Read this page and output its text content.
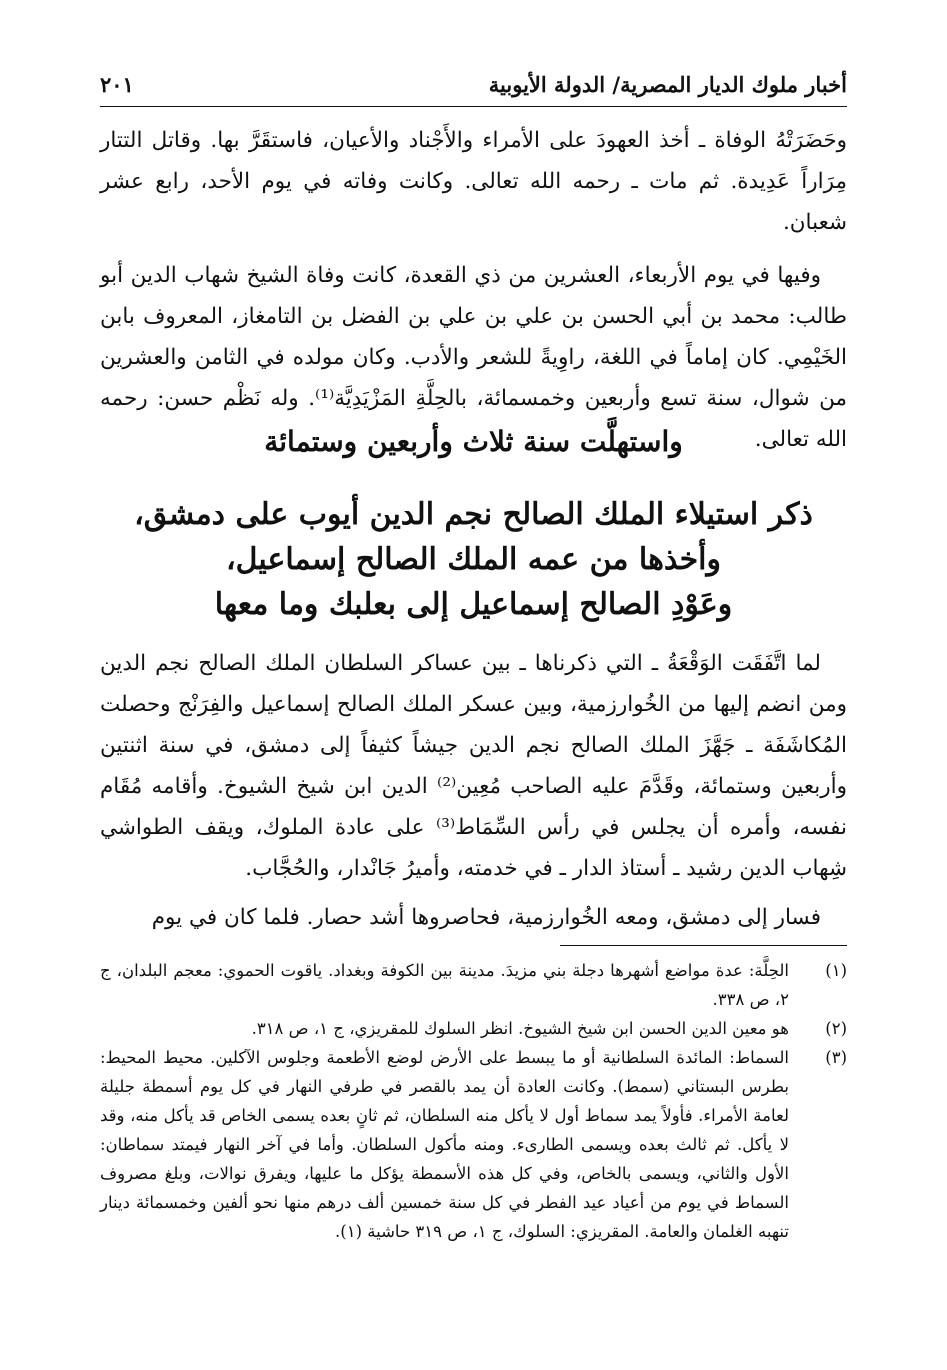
أخبار ملوك الديار المصرية/ الدولة الأيوبية
٢٠١

وحَضَرَتْهُ الوفاة ـ أخذ العهودَ على الأمراء والأَجْناد والأعيان، فاستقَرَّ بها. وقاتل التتار مِرَاراً عَدِيدة. ثم مات ـ رحمه الله تعالى. وكانت وفاته في يوم الأحد، رابع عشر شعبان.

وفيها في يوم الأربعاء، العشرين من ذي القعدة، كانت وفاة الشيخ شهاب الدين أبو طالب: محمد بن أبي الحسن بن علي بن علي بن الفضل بن التامغاز، المعروف بابن الخَيْمِي. كان إماماً في اللغة، راوِيةً للشعر والأدب. وكان مولده في الثامن والعشرين من شوال، سنة تسع وأربعين وخمسمائة، بالحِلَّةِ المَزْيَدِيَّة⁽¹⁾. وله نَظْم حسن: رحمه الله تعالى.

واستهلَّت سنة ثلاث وأربعين وستمائة
ذكر استيلاء الملك الصالح نجم الدين أيوب على دمشق،
وأخذها من عمه الملك الصالح إسماعيل،
وعَوْدِ الصالح إسماعيل إلى بعلبك وما معها

لما اتَّفَقَت الوَقْعَةُ ـ التي ذكرناها ـ بين عساكر السلطان الملك الصالح نجم الدين ومن انضم إليها من الخُوارزمية، وبين عسكر الملك الصالح إسماعيل والفِرَنْج وحصلت المُكاشَفَة ـ جَهَّزَ الملك الصالح نجم الدين جيشاً كثيفاً إلى دمشق، في سنة اثنتين وأربعين وستمائة، وقَدَّمَ عليه الصاحب مُعِين⁽²⁾ الدين ابن شيخ الشيوخ. وأقامه مُقَام نفسه، وأمره أن يجلس في رأس السِّمَاط⁽³⁾ على عادة الملوك، ويقف الطواشي شِهاب الدين رشيد ـ أستاذ الدار ـ في خدمته، وأميرُ جَانْدار، والحُجَّاب.

فسار إلى دمشق، ومعه الخُوارزمية، فحاصروها أشد حصار. فلما كان في يوم

(١)
الحِلَّة: عدة مواضع أشهرها دجلة بني مزيدَ. مدينة بين الكوفة وبغداد. ياقوت الحموي: معجم البلدان، ج ٢، ص ٣٣٨.
(٢)
هو معين الدين الحسن ابن شيخ الشيوخ. انظر السلوك للمقريزي، ج ١، ص ٣١٨.
(٣)
السماط: المائدة السلطانية أو ما يبسط على الأرض لوضع الأطعمة وجلوس الآكلين. محيط المحيط: بطرس البستاني (سمط). وكانت العادة أن يمد بالقصر في طرفي النهار في كل يوم أسمطة جليلة لعامة الأمراء. فأولاً يمد سماط أول لا يأكل منه السلطان، ثم ثانٍ بعده يسمى الخاص قد يأكل منه، وقد لا يأكل. ثم ثالث بعده ويسمى الطارىء. ومنه مأكول السلطان. وأما في آخر النهار فيمتد سماطان: الأول والثاني، ويسمى بالخاص، وفي كل هذه الأسمطة يؤكل ما عليها، ويفرق نوالات، وبلغ مصروف السماط في يوم من أعياد عيد الفطر في كل سنة خمسين ألف درهم منها نحو ألفين وخمسمائة دينار تنهبه الغلمان والعامة. المقريزي: السلوك، ج ١، ص ٣١٩ حاشية (١).
